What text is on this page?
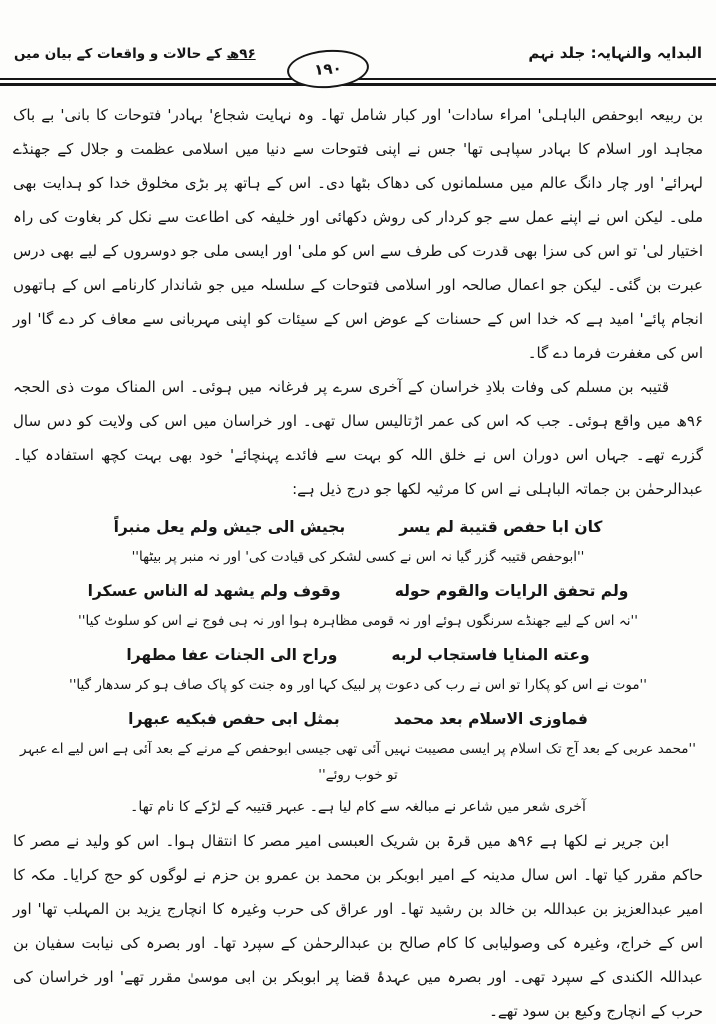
البدایہ والنہایہ: جلد نہم
۹۶ھ کے حالات و واقعات کے بیان میں
۱۹۰

بن ربیعہ ابوحفص الباہلی' امراء سادات' اور کبار شامل تھا۔ وہ نہایت شجاع' بہادر' فتوحات کا بانی' بے باک مجاہد اور اسلام کا بہادر سپاہی تھا' جس نے اپنی فتوحات سے دنیا میں اسلامی عظمت و جلال کے جھنڈے لہرائے' اور چار دانگ عالم میں مسلمانوں کی دھاک بٹھا دی۔ اس کے ہاتھ پر بڑی مخلوق خدا کو ہدایت بھی ملی۔ لیکن اس نے اپنے عمل سے جو کردار کی روش دکھائی اور خلیفہ کی اطاعت سے نکل کر بغاوت کی راہ اختیار لی' تو اس کی سزا بھی قدرت کی طرف سے اس کو ملی' اور ایسی ملی جو دوسروں کے لیے بھی درس عبرت بن گئی۔ لیکن جو اعمال صالحہ اور اسلامی فتوحات کے سلسلہ میں جو شاندار کارنامے اس کے ہاتھوں انجام پائے' امید ہے کہ خدا اس کے حسنات کے عوض اس کے سیئات کو اپنی مہربانی سے معاف کر دے گا' اور اس کی مغفرت فرما دے گا۔

قتیبہ بن مسلم کی وفات بلادِ خراسان کے آخری سرے پر فرغانہ میں ہوئی۔ اس المناک موت ذی الحجہ ۹۶ھ میں واقع ہوئی۔ جب کہ اس کی عمر اڑتالیس سال تھی۔ اور خراسان میں اس کی ولایت کو دس سال گزرے تھے۔ جہاں اس دوران اس نے خلق اللہ کو بہت سے فائدے پہنچائے' خود بھی بہت کچھ استفادہ کیا۔ عبدالرحمٰن بن جماتہ الباہلی نے اس کا مرثیہ لکھا جو درج ذیل ہے:

کان ابا حفص قتیبة لم یسر
بجیش الی جیش ولم یعل منبراً
''ابوحفص قتیبہ گزر گیا نہ اس نے کسی لشکر کی قیادت کی' اور نہ منبر پر بیٹھا''
ولم تحفق الرایات والقوم حوله
وقوف ولم یشهد له الناس عسکرا
''نہ اس کے لیے جھنڈے سرنگوں ہوئے اور نہ قومی مظاہرہ ہوا اور نہ ہی فوج نے اس کو سلوٹ کیا''
وعته المنایا فاستجاب لربه
وراح الی الجنات عفا مطهرا
''موت نے اس کو پکارا تو اس نے رب کی دعوت پر لبیک کہا اور وہ جنت کو پاک صاف ہو کر سدھار گیا''
فماوزی الاسلام بعد محمد
بمثل ابی حفص فبکیه عبهرا
''محمد عربی کے بعد آج تک اسلام پر ایسی مصیبت نہیں آئی تھی جیسی ابوحفص کے مرنے کے بعد آئی ہے اس لیے اے عبہر تو خوب روئے''

آخری شعر میں شاعر نے مبالغہ سے کام لیا ہے۔ عبہر قتیبہ کے لڑکے کا نام تھا۔

ابن جریر نے لکھا ہے ۹۶ھ میں قرۃ بن شریک العبسی امیر مصر کا انتقال ہوا۔ اس کو ولید نے مصر کا حاکم مقرر کیا تھا۔ اس سال مدینہ کے امیر ابوبکر بن محمد بن عمرو بن حزم نے لوگوں کو حج کرایا۔ مکہ کا امیر عبدالعزیز بن عبداللہ بن خالد بن رشید تھا۔ اور عراق کی حرب وغیرہ کا انچارج یزید بن المہلب تھا' اور اس کے خراج، وغیرہ کی وصولیابی کا کام صالح بن عبدالرحمٰن کے سپرد تھا۔ اور بصرہ کی نیابت سفیان بن عبداللہ الکندی کے سپرد تھی۔ اور بصرہ میں عہدۂ قضا پر ابوبکر بن ابی موسیٰ مقرر تھے' اور خراسان کی حرب کے انچارج وکیع بن سود تھے۔
